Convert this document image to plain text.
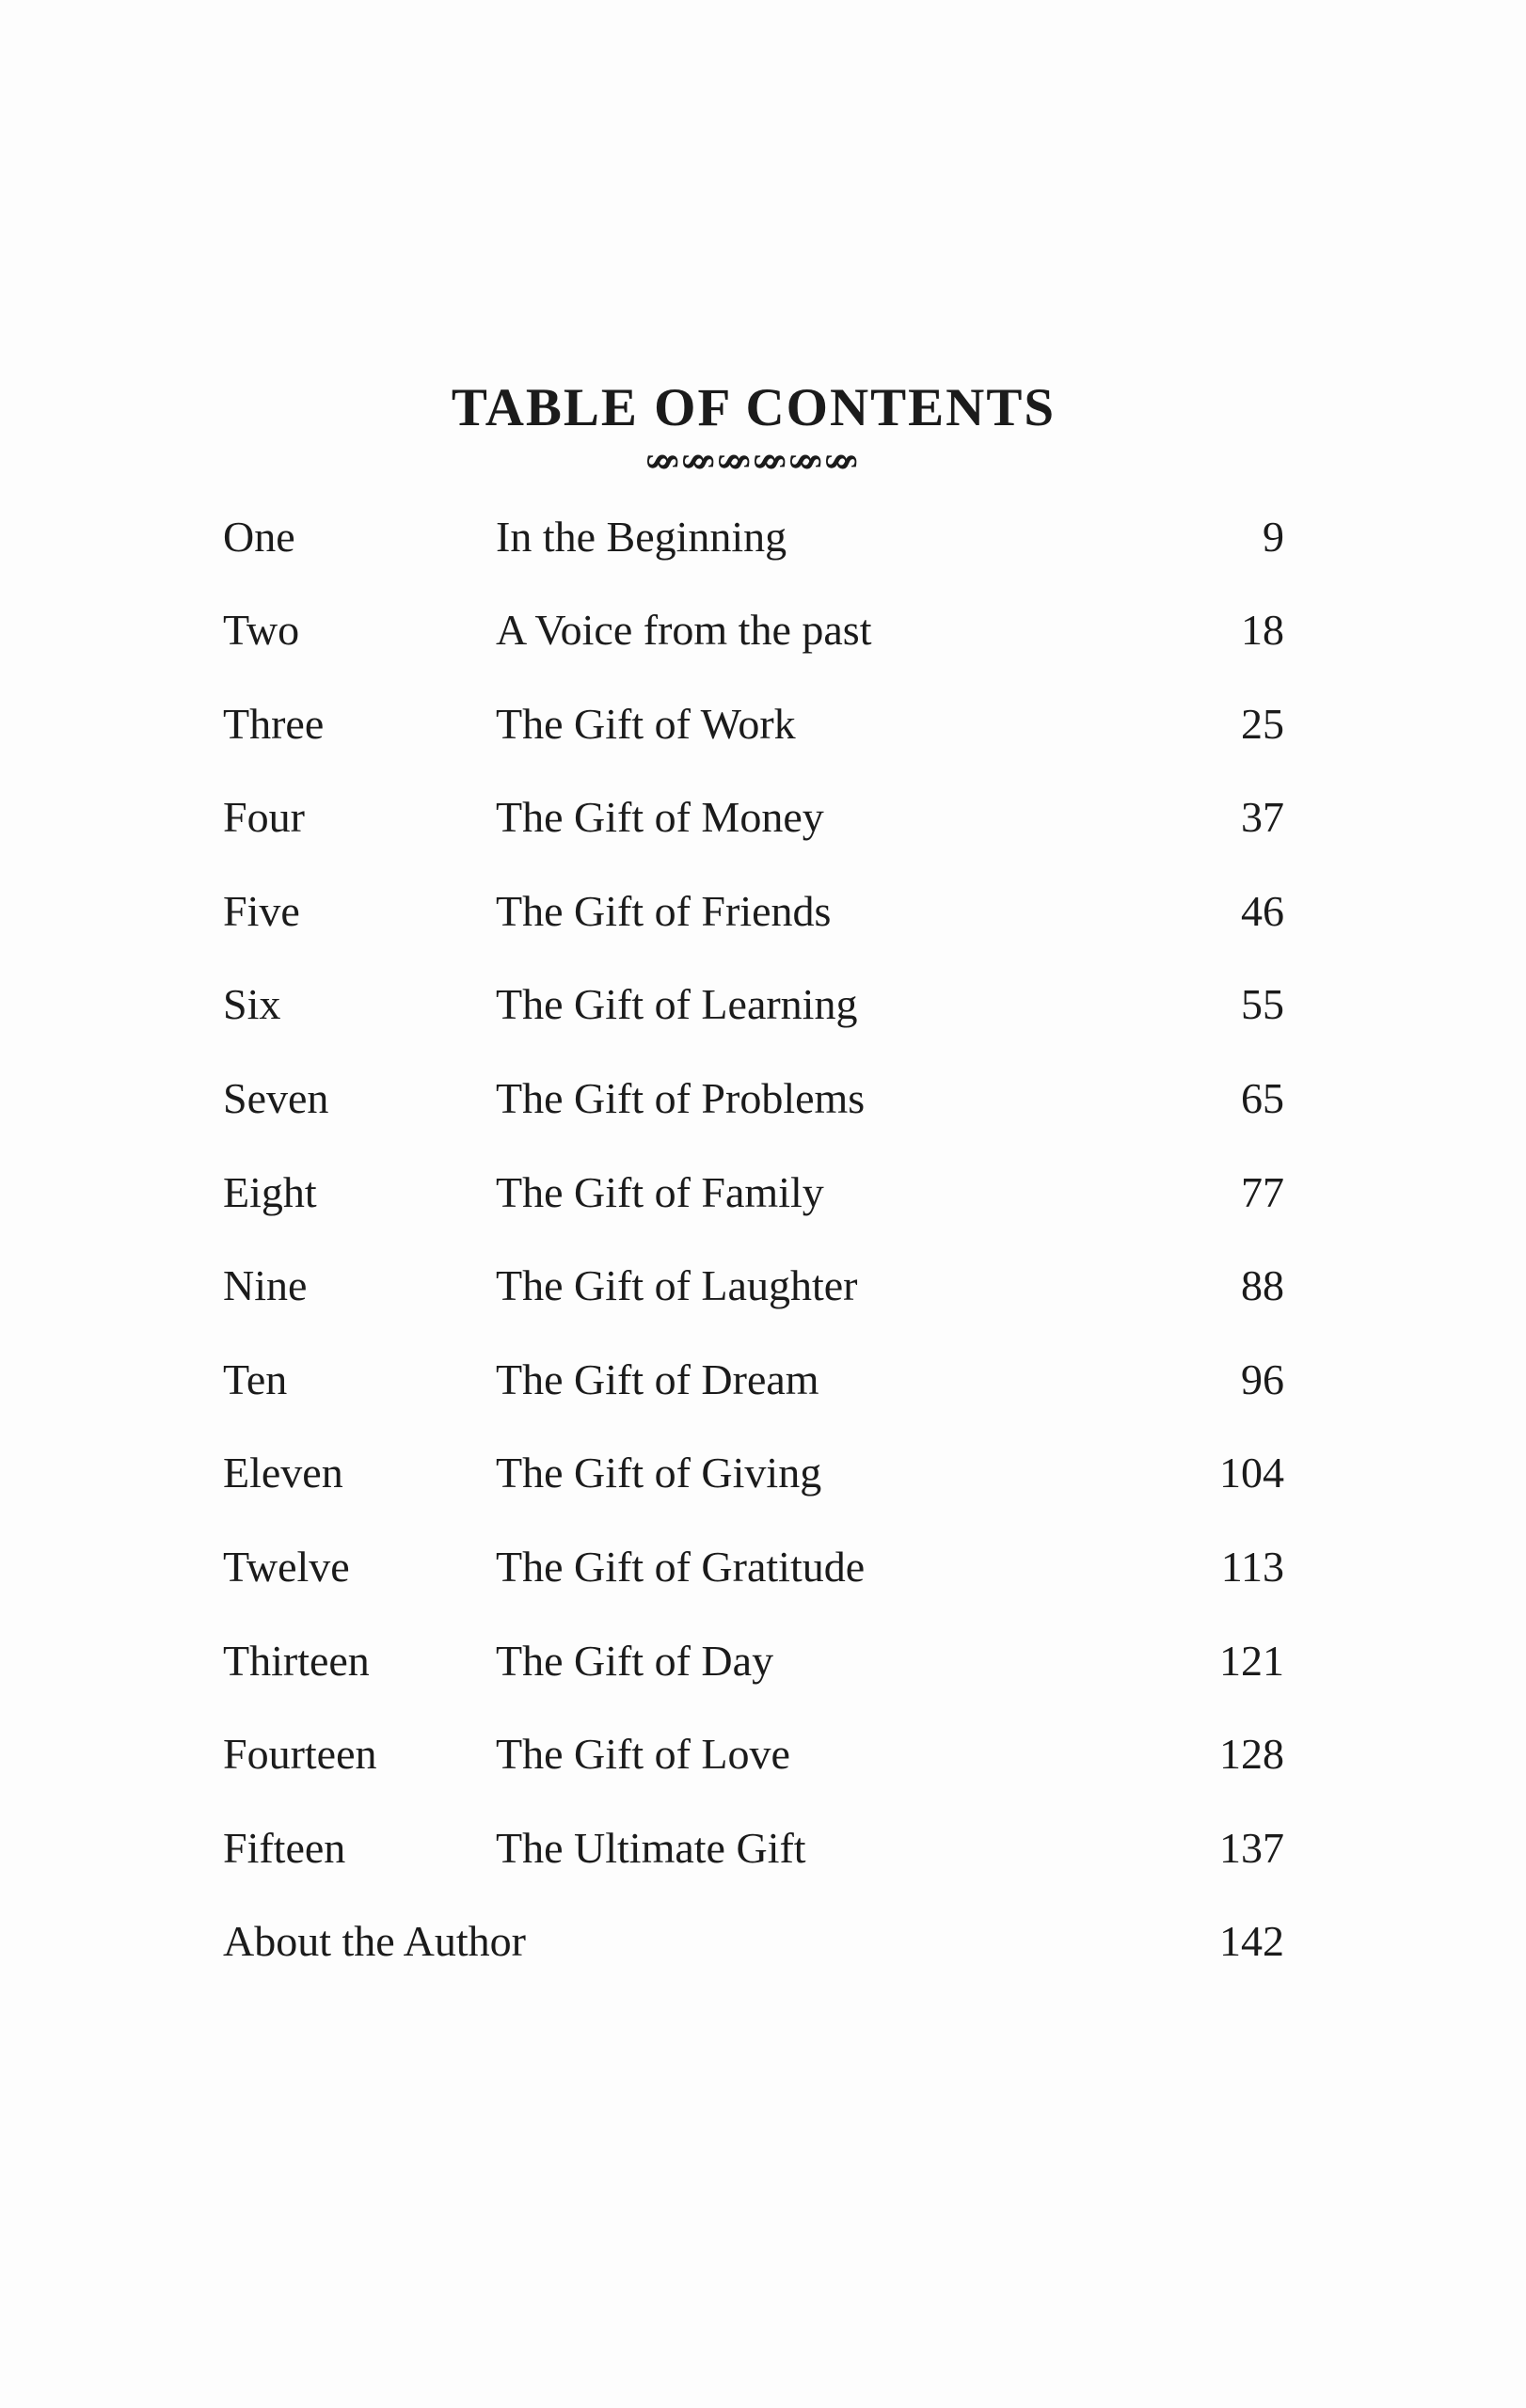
TABLE OF CONTENTS
§ § § § § §
One	In the Beginning	9
Two	A Voice from the past	18
Three	The Gift of Work	25
Four	The Gift of Money	37
Five	The Gift of Friends	46
Six	The Gift of Learning	55
Seven	The Gift of Problems	65
Eight	The Gift of Family	77
Nine	The Gift of Laughter	88
Ten	The Gift of Dream	96
Eleven	The Gift of Giving	104
Twelve	The Gift of Gratitude	113
Thirteen	The Gift of Day	121
Fourteen	The Gift of Love	128
Fifteen	The Ultimate Gift	137
About the Author	142
